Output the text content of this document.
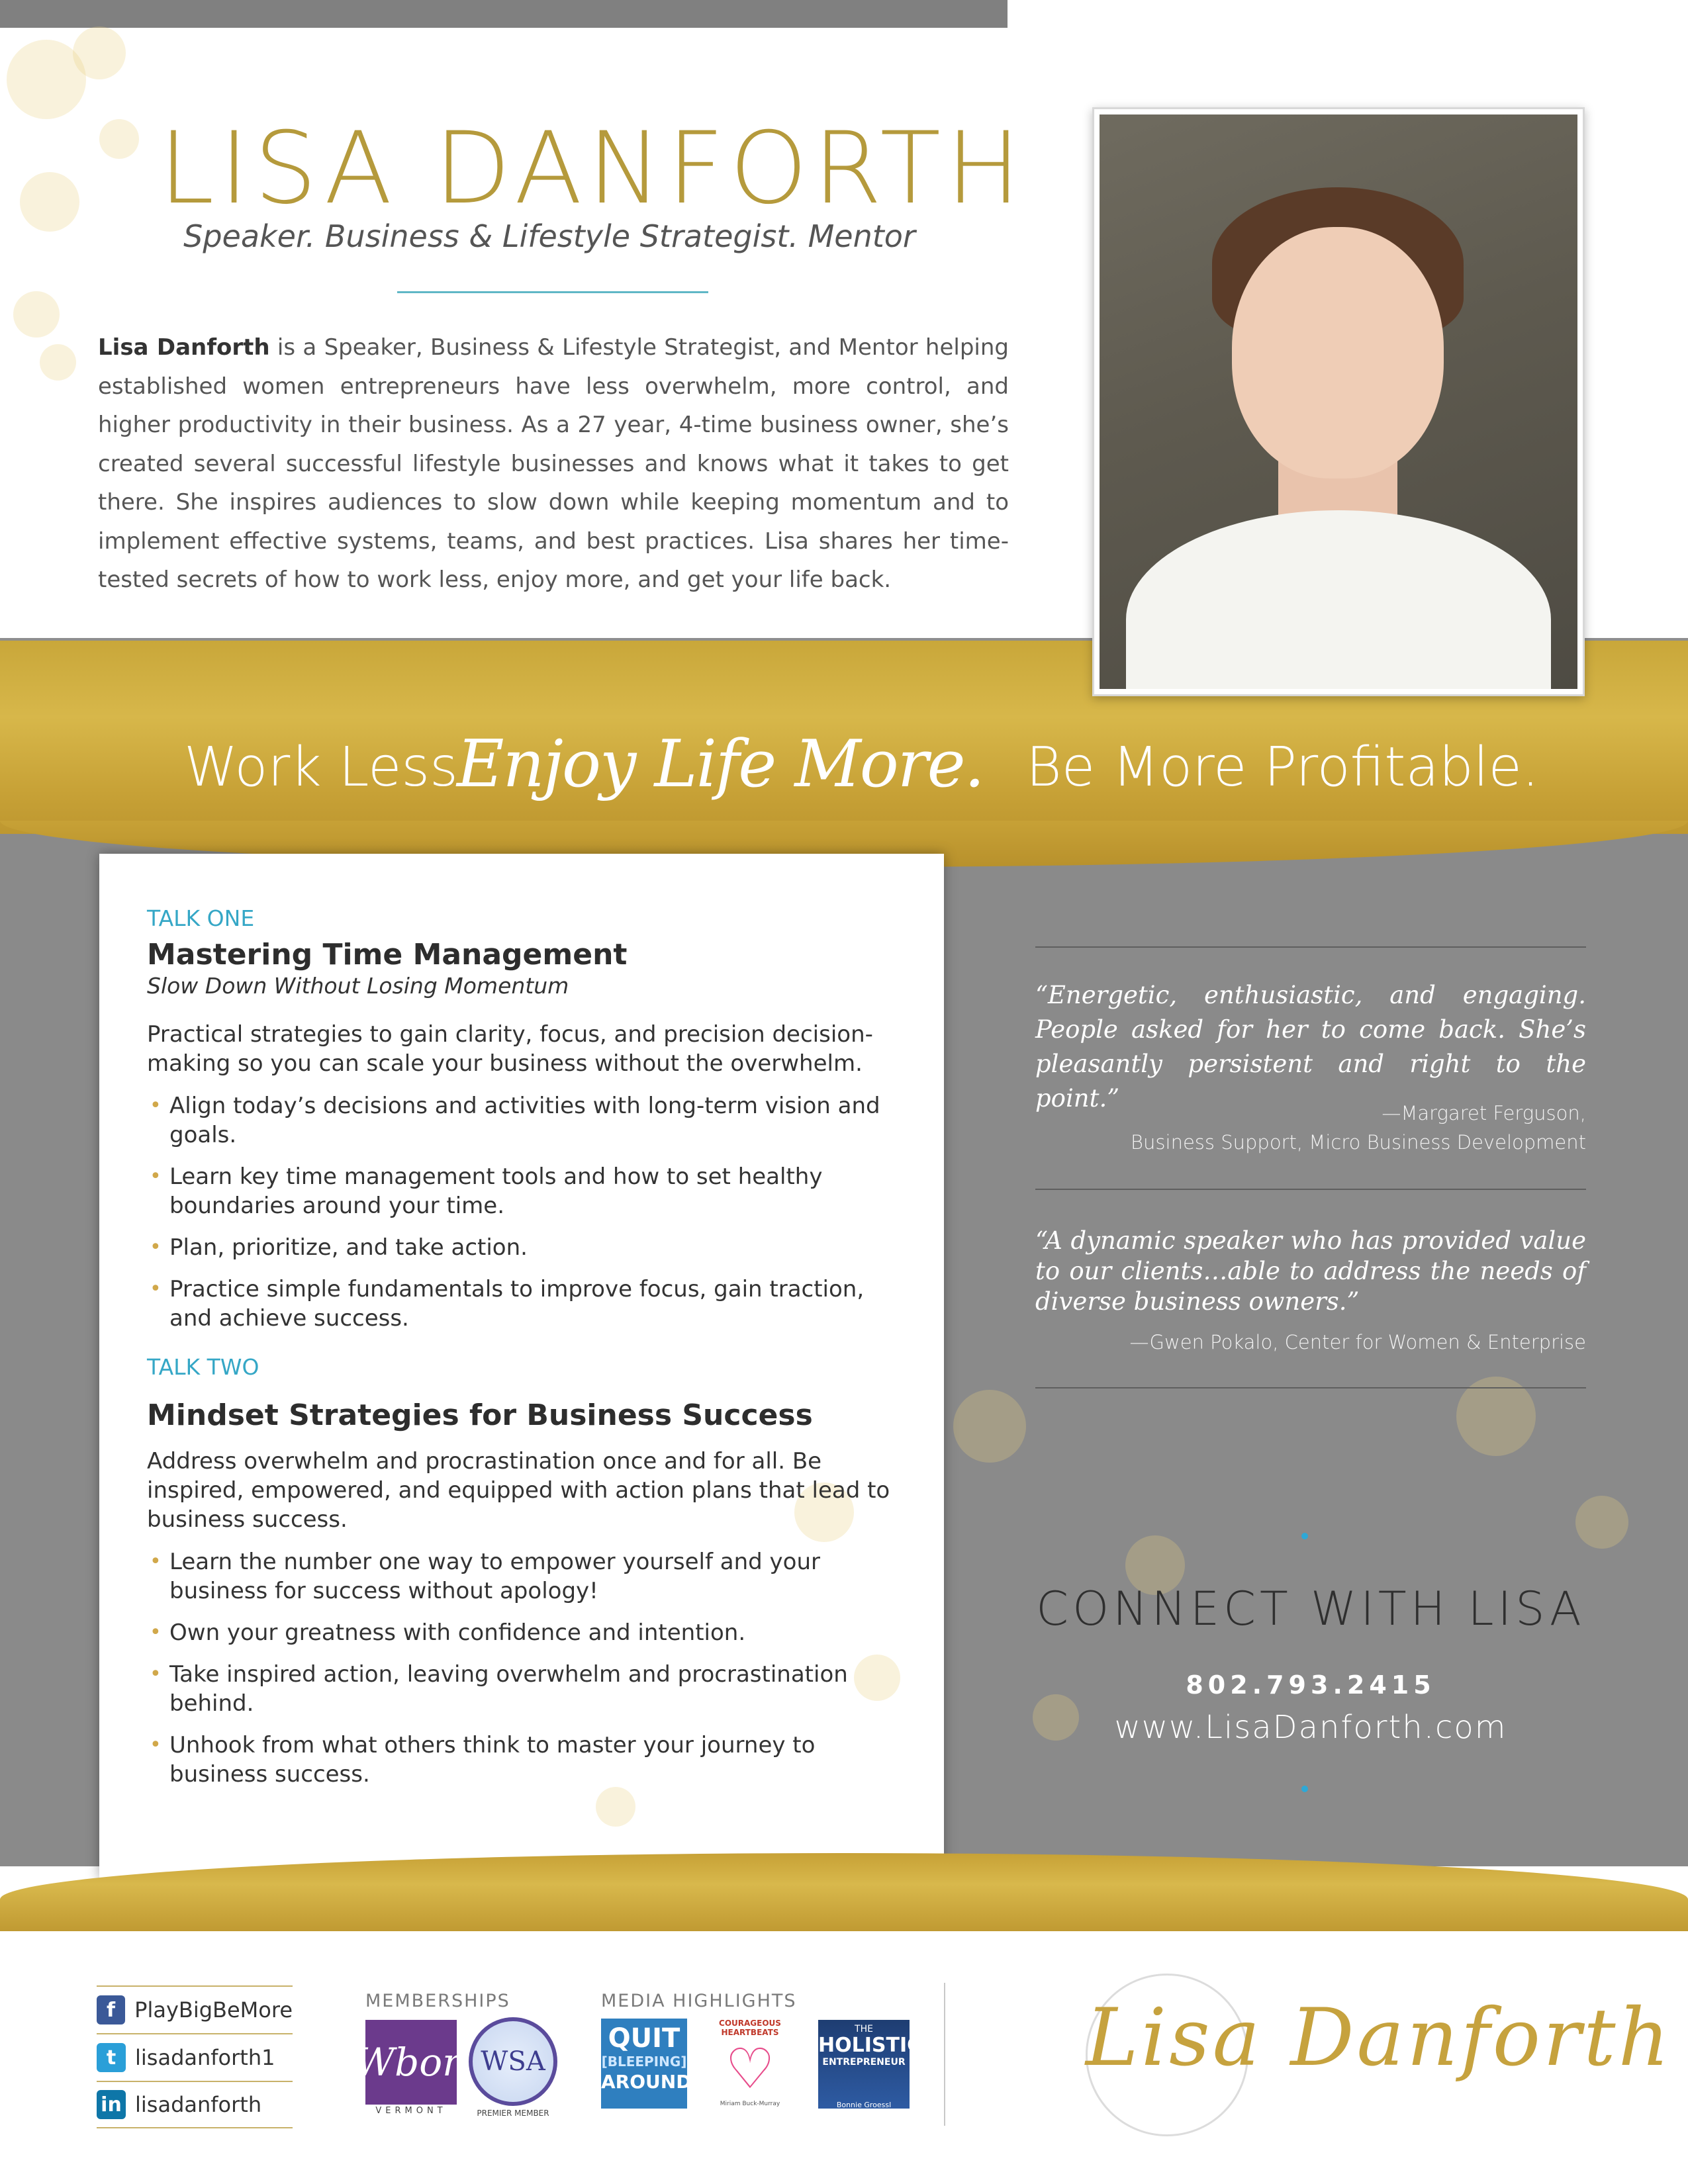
LISA DANFORTH
Speaker. Business & Lifestyle Strategist. Mentor

Lisa Danforth is a Speaker, Business & Lifestyle Strategist, and Mentor helping established women entrepreneurs have less overwhelm, more control, and higher productivity in their business. As a 27 year, 4-time business owner, she’s created several successful lifestyle businesses and knows what it takes to get there. She inspires audiences to slow down while keeping momentum and to implement effective systems, teams, and best practices. Lisa shares her time-tested secrets of how to work less, enjoy more, and get your life back.

Work Less.
Enjoy Life More. Be More Profitable.
TALK ONE
Mastering Time Management
Slow Down Without Losing Momentum
Practical strategies to gain clarity, focus, and precision decision-making so you can scale your business without the overwhelm.
• Align today’s decisions and activities with long-term vision and goals.
• Learn key time management tools and how to set healthy boundaries around your time.
• Plan, prioritize, and take action.
• Practice simple fundamentals to improve focus, gain traction, and achieve success.
TALK TWO
Mindset Strategies for Business Success
Address overwhelm and procrastination once and for all. Be inspired, empowered, and equipped with action plans that lead to business success.
• Learn the number one way to empower yourself and your business for success without apology!
• Own your greatness with confidence and intention.
• Take inspired action, leaving overwhelm and procrastination behind.
• Unhook from what others think to master your journey to business success.
“Energetic, enthusiastic, and engaging. People asked for her to come back. She’s pleasantly persistent and right to the point.”
—Margaret Ferguson,
Business Support, Micro Business Development
“A dynamic speaker who has provided value to our clients…able to address the needs of diverse business owners.”
—Gwen Pokalo, Center for Women & Enterprise
CONNECT WITH LISA
802.793.2415
www.LisaDanforth.com
f PlayBigBeMore
t lisadanforth1
in lisadanforth
MEMBERSHIPS
Wbon
VERMONT
WSA
PREMIER MEMBER
MEDIA HIGHLIGHTS
QUIT
[BLEEPING]
AROUND
COURAGEOUS HEARTBEATS
♡
Miriam Buck-Murray
THE
HOLISTIC
ENTREPRENEUR
Bonnie Groessl
Lisa Danforth
